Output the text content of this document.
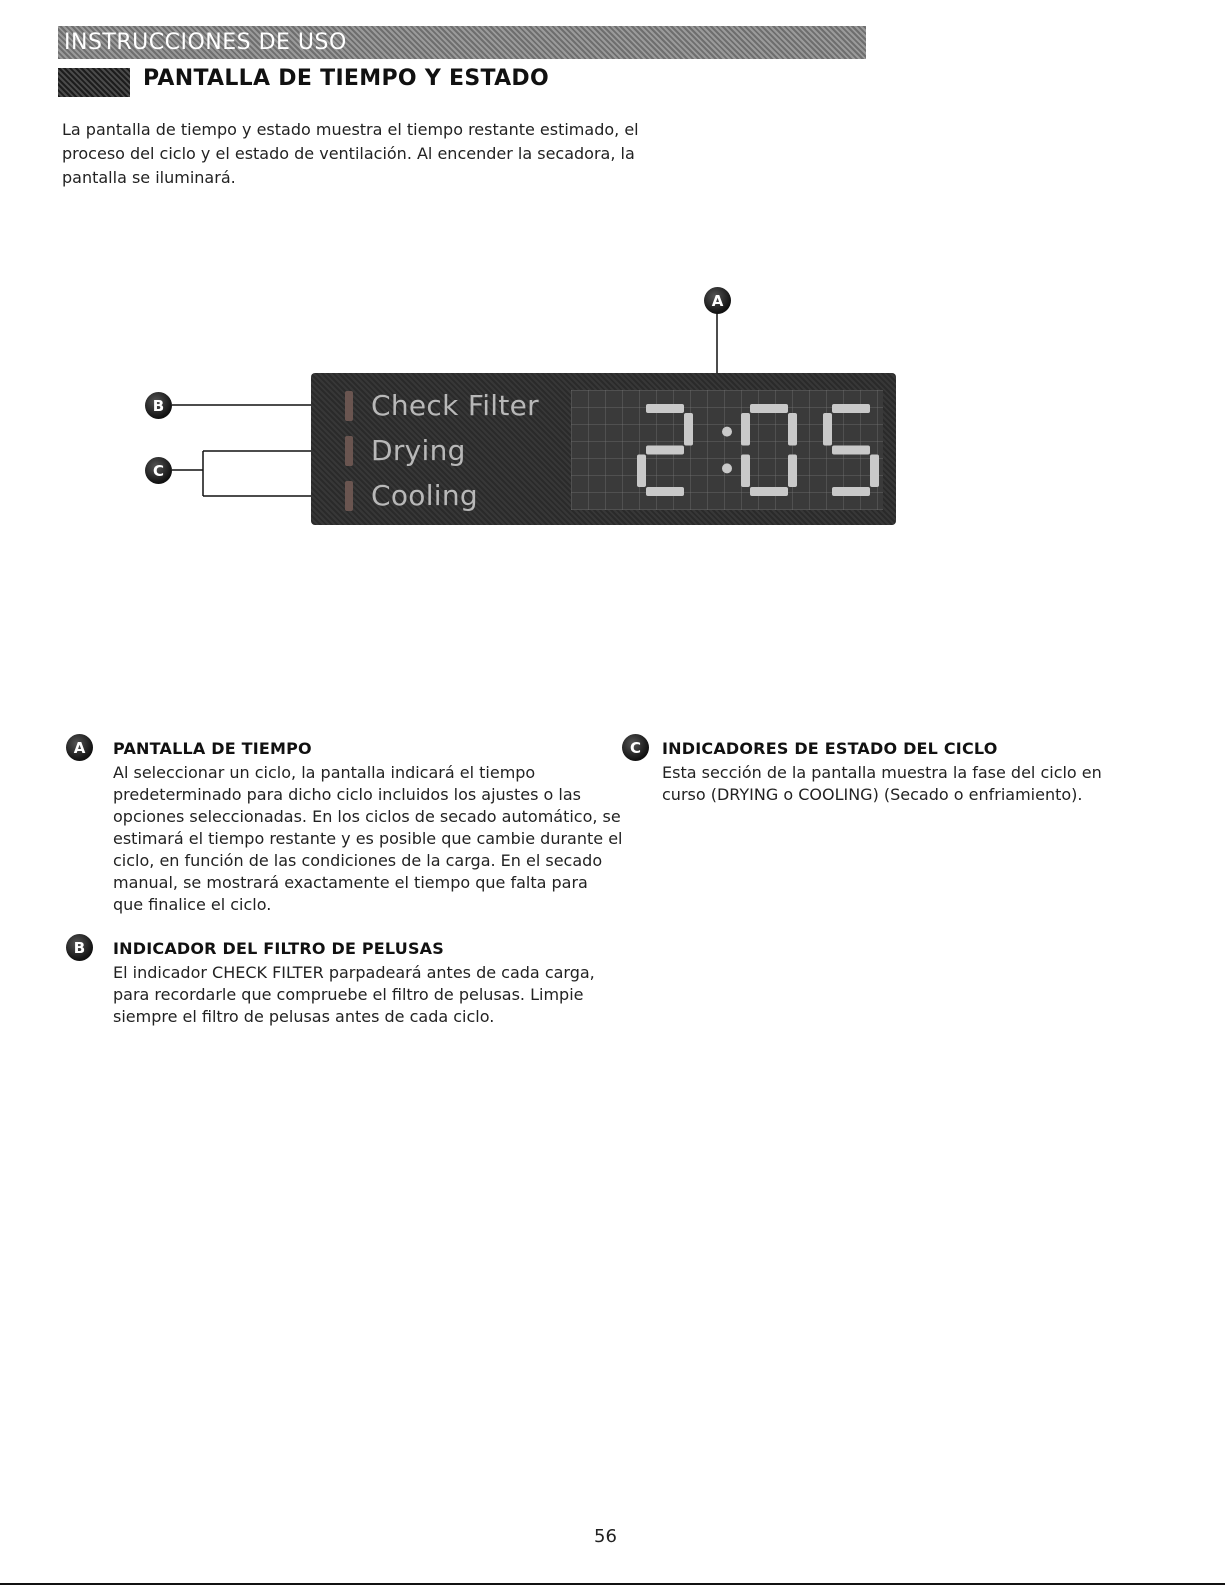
INSTRUCCIONES DE USO
PANTALLA DE TIEMPO Y ESTADO
La pantalla de tiempo y estado muestra el tiempo restante estimado, el proceso del ciclo y el estado de ventilación. Al encender la secadora, la pantalla se iluminará.
A
B
C
Check Filter
Drying
Cooling
A	PANTALLA DE TIEMPO

Al seleccionar un ciclo, la pantalla indicará el tiempo predeterminado para dicho ciclo incluidos los ajustes o las opciones seleccionadas. En los ciclos de secado automático, se estimará el tiempo restante y es posible que cambie durante el ciclo, en función de las condiciones de la carga. En el secado manual, se mostrará exactamente el tiempo que falta para que finalice el ciclo.

B	INDICADOR DEL FILTRO DE PELUSAS

El indicador CHECK FILTER parpadeará antes de cada carga, para recordarle que compruebe el filtro de pelusas. Limpie siempre el filtro de pelusas antes de cada ciclo.

C	INDICADORES DE ESTADO DEL CICLO

Esta sección de la pantalla muestra la fase del ciclo en curso (DRYING o COOLING) (Secado o enfriamiento).

56
